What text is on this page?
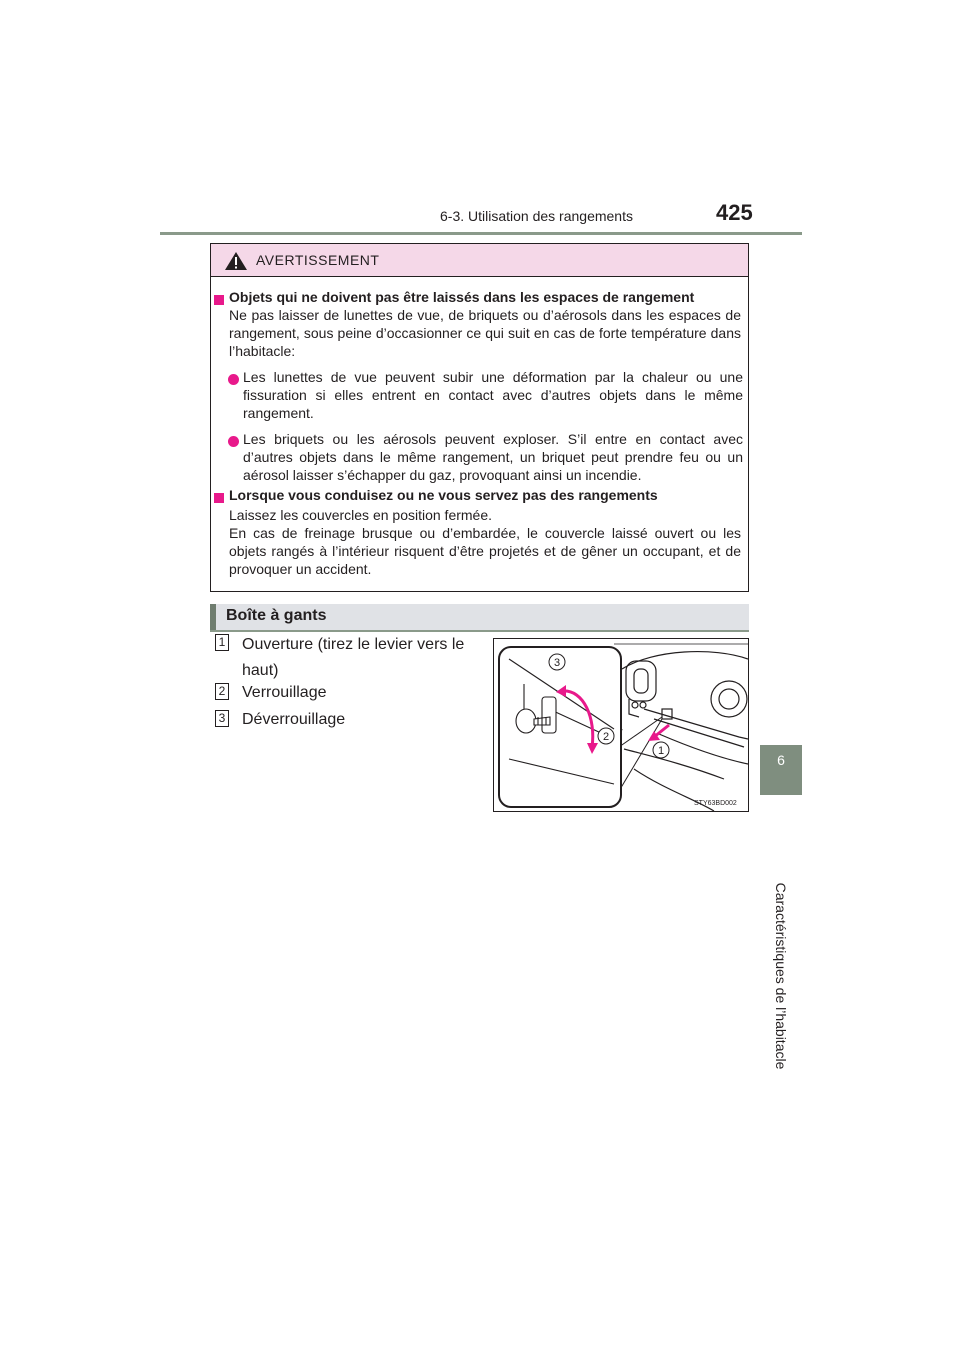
6-3. Utilisation des rangements	425
6
Caractéristiques de l’habitacle
AVERTISSEMENT
Objets qui ne doivent pas être laissés dans les espaces de rangement
Ne pas laisser de lunettes de vue, de briquets ou d’aérosols dans les espaces de rangement, sous peine d’occasionner ce qui suit en cas de forte température dans l’habitacle:
Les lunettes de vue peuvent subir une déformation par la chaleur ou une fissuration si elles entrent en contact avec d’autres objets dans le même rangement.
Les briquets ou les aérosols peuvent exploser. S’il entre en contact avec d’autres objets dans le même rangement, un briquet peut prendre feu ou un aérosol laisser s’échapper du gaz, provoquant ainsi un incendie.
Lorsque vous conduisez ou ne vous servez pas des rangements
Laissez les couvercles en position fermée.
En cas de freinage brusque ou d’embardée, le couvercle laissé ouvert ou les objets rangés à l’intérieur risquent d’être projetés et de gêner un occupant, et de provoquer un accident.
Boîte à gants
1 Ouverture (tirez le levier vers le
haut)
2 Verrouillage
3 Déverrouillage
3
2
1
STY63BD002
